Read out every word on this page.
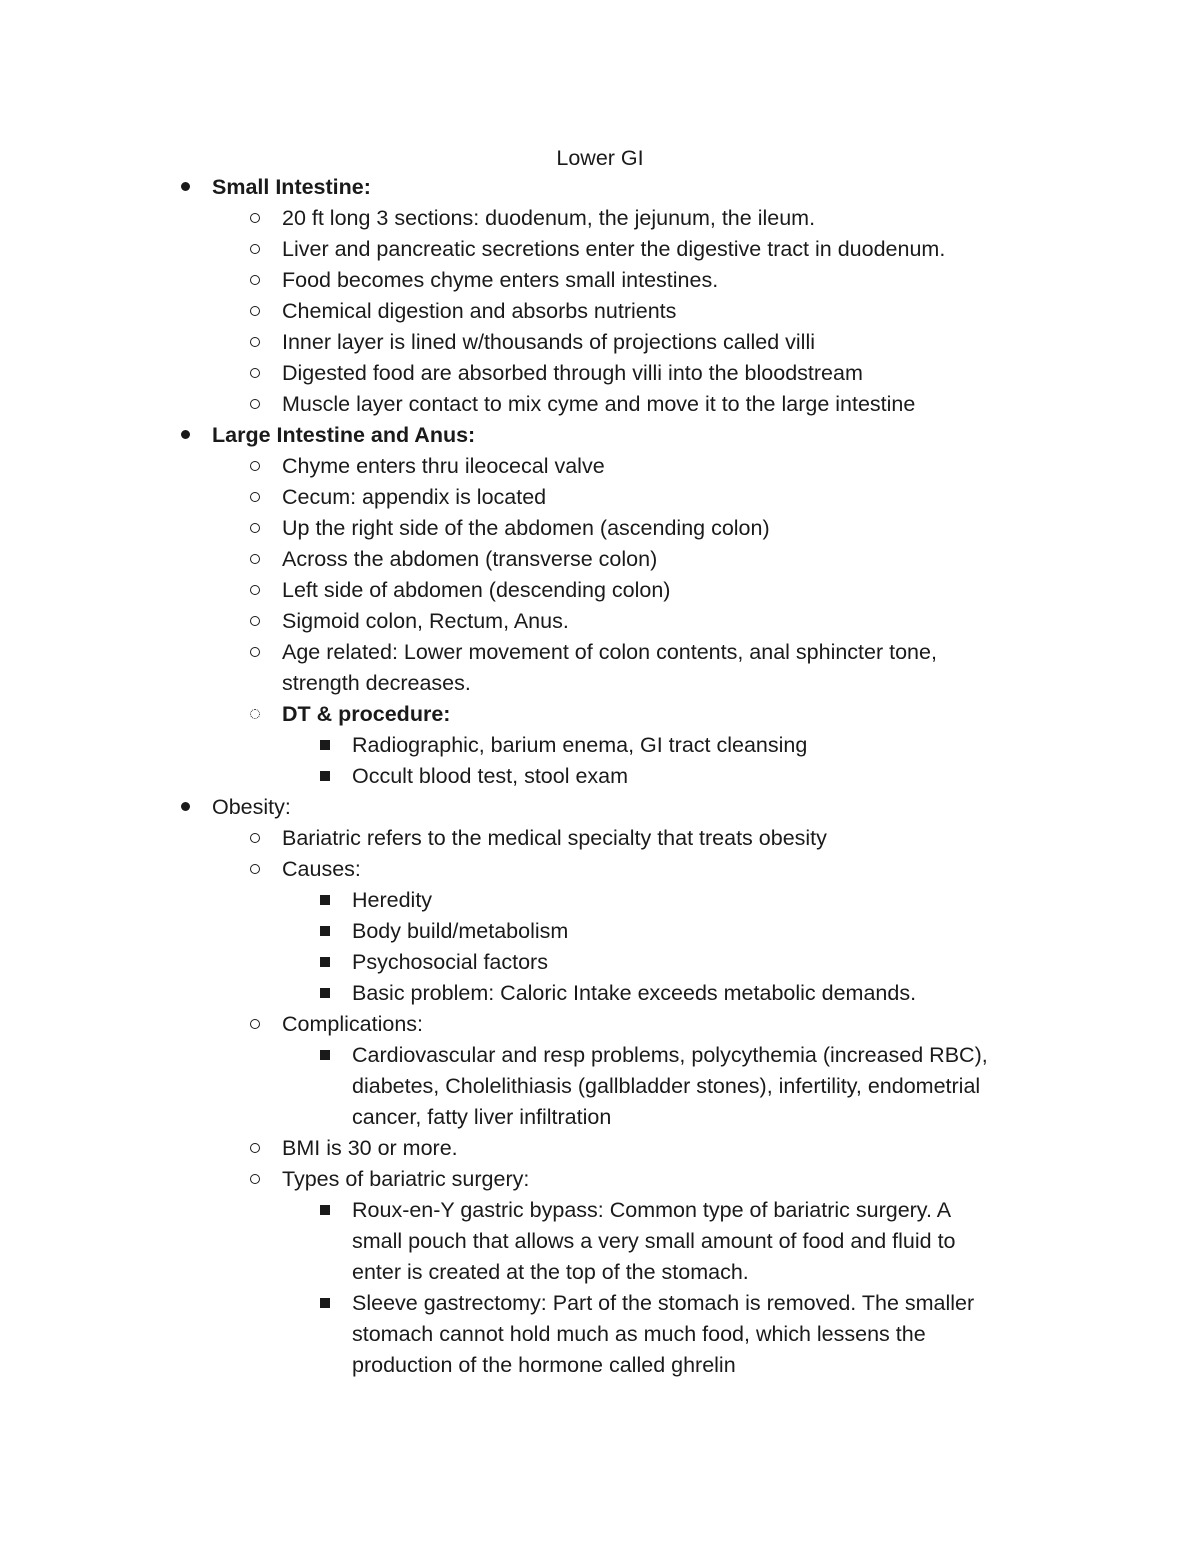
Lower GI
Small Intestine:
20 ft long 3 sections: duodenum, the jejunum, the ileum.
Liver and pancreatic secretions enter the digestive tract in duodenum.
Food becomes chyme enters small intestines.
Chemical digestion and absorbs nutrients
Inner layer is lined w/thousands of projections called villi
Digested food are absorbed through villi into the bloodstream
Muscle layer contact to mix cyme and move it to the large intestine
Large Intestine and Anus:
Chyme enters thru ileocecal valve
Cecum: appendix is located
Up the right side of the abdomen (ascending colon)
Across the abdomen (transverse colon)
Left side of abdomen (descending colon)
Sigmoid colon, Rectum, Anus.
Age related: Lower movement of colon contents, anal sphincter tone,
strength decreases.
DT & procedure:
Radiographic, barium enema, GI tract cleansing
Occult blood test, stool exam
Obesity:
Bariatric refers to the medical specialty that treats obesity
Causes:
Heredity
Body build/metabolism
Psychosocial factors
Basic problem: Caloric Intake exceeds metabolic demands.
Complications:
Cardiovascular and resp problems, polycythemia (increased RBC),
diabetes, Cholelithiasis (gallbladder stones), infertility, endometrial
cancer, fatty liver infiltration
BMI is 30 or more.
Types of bariatric surgery:
Roux-en-Y gastric bypass: Common type of bariatric surgery. A
small pouch that allows a very small amount of food and fluid to
enter is created at the top of the stomach.
Sleeve gastrectomy: Part of the stomach is removed. The smaller
stomach cannot hold much as much food, which lessens the
production of the hormone called ghrelin
